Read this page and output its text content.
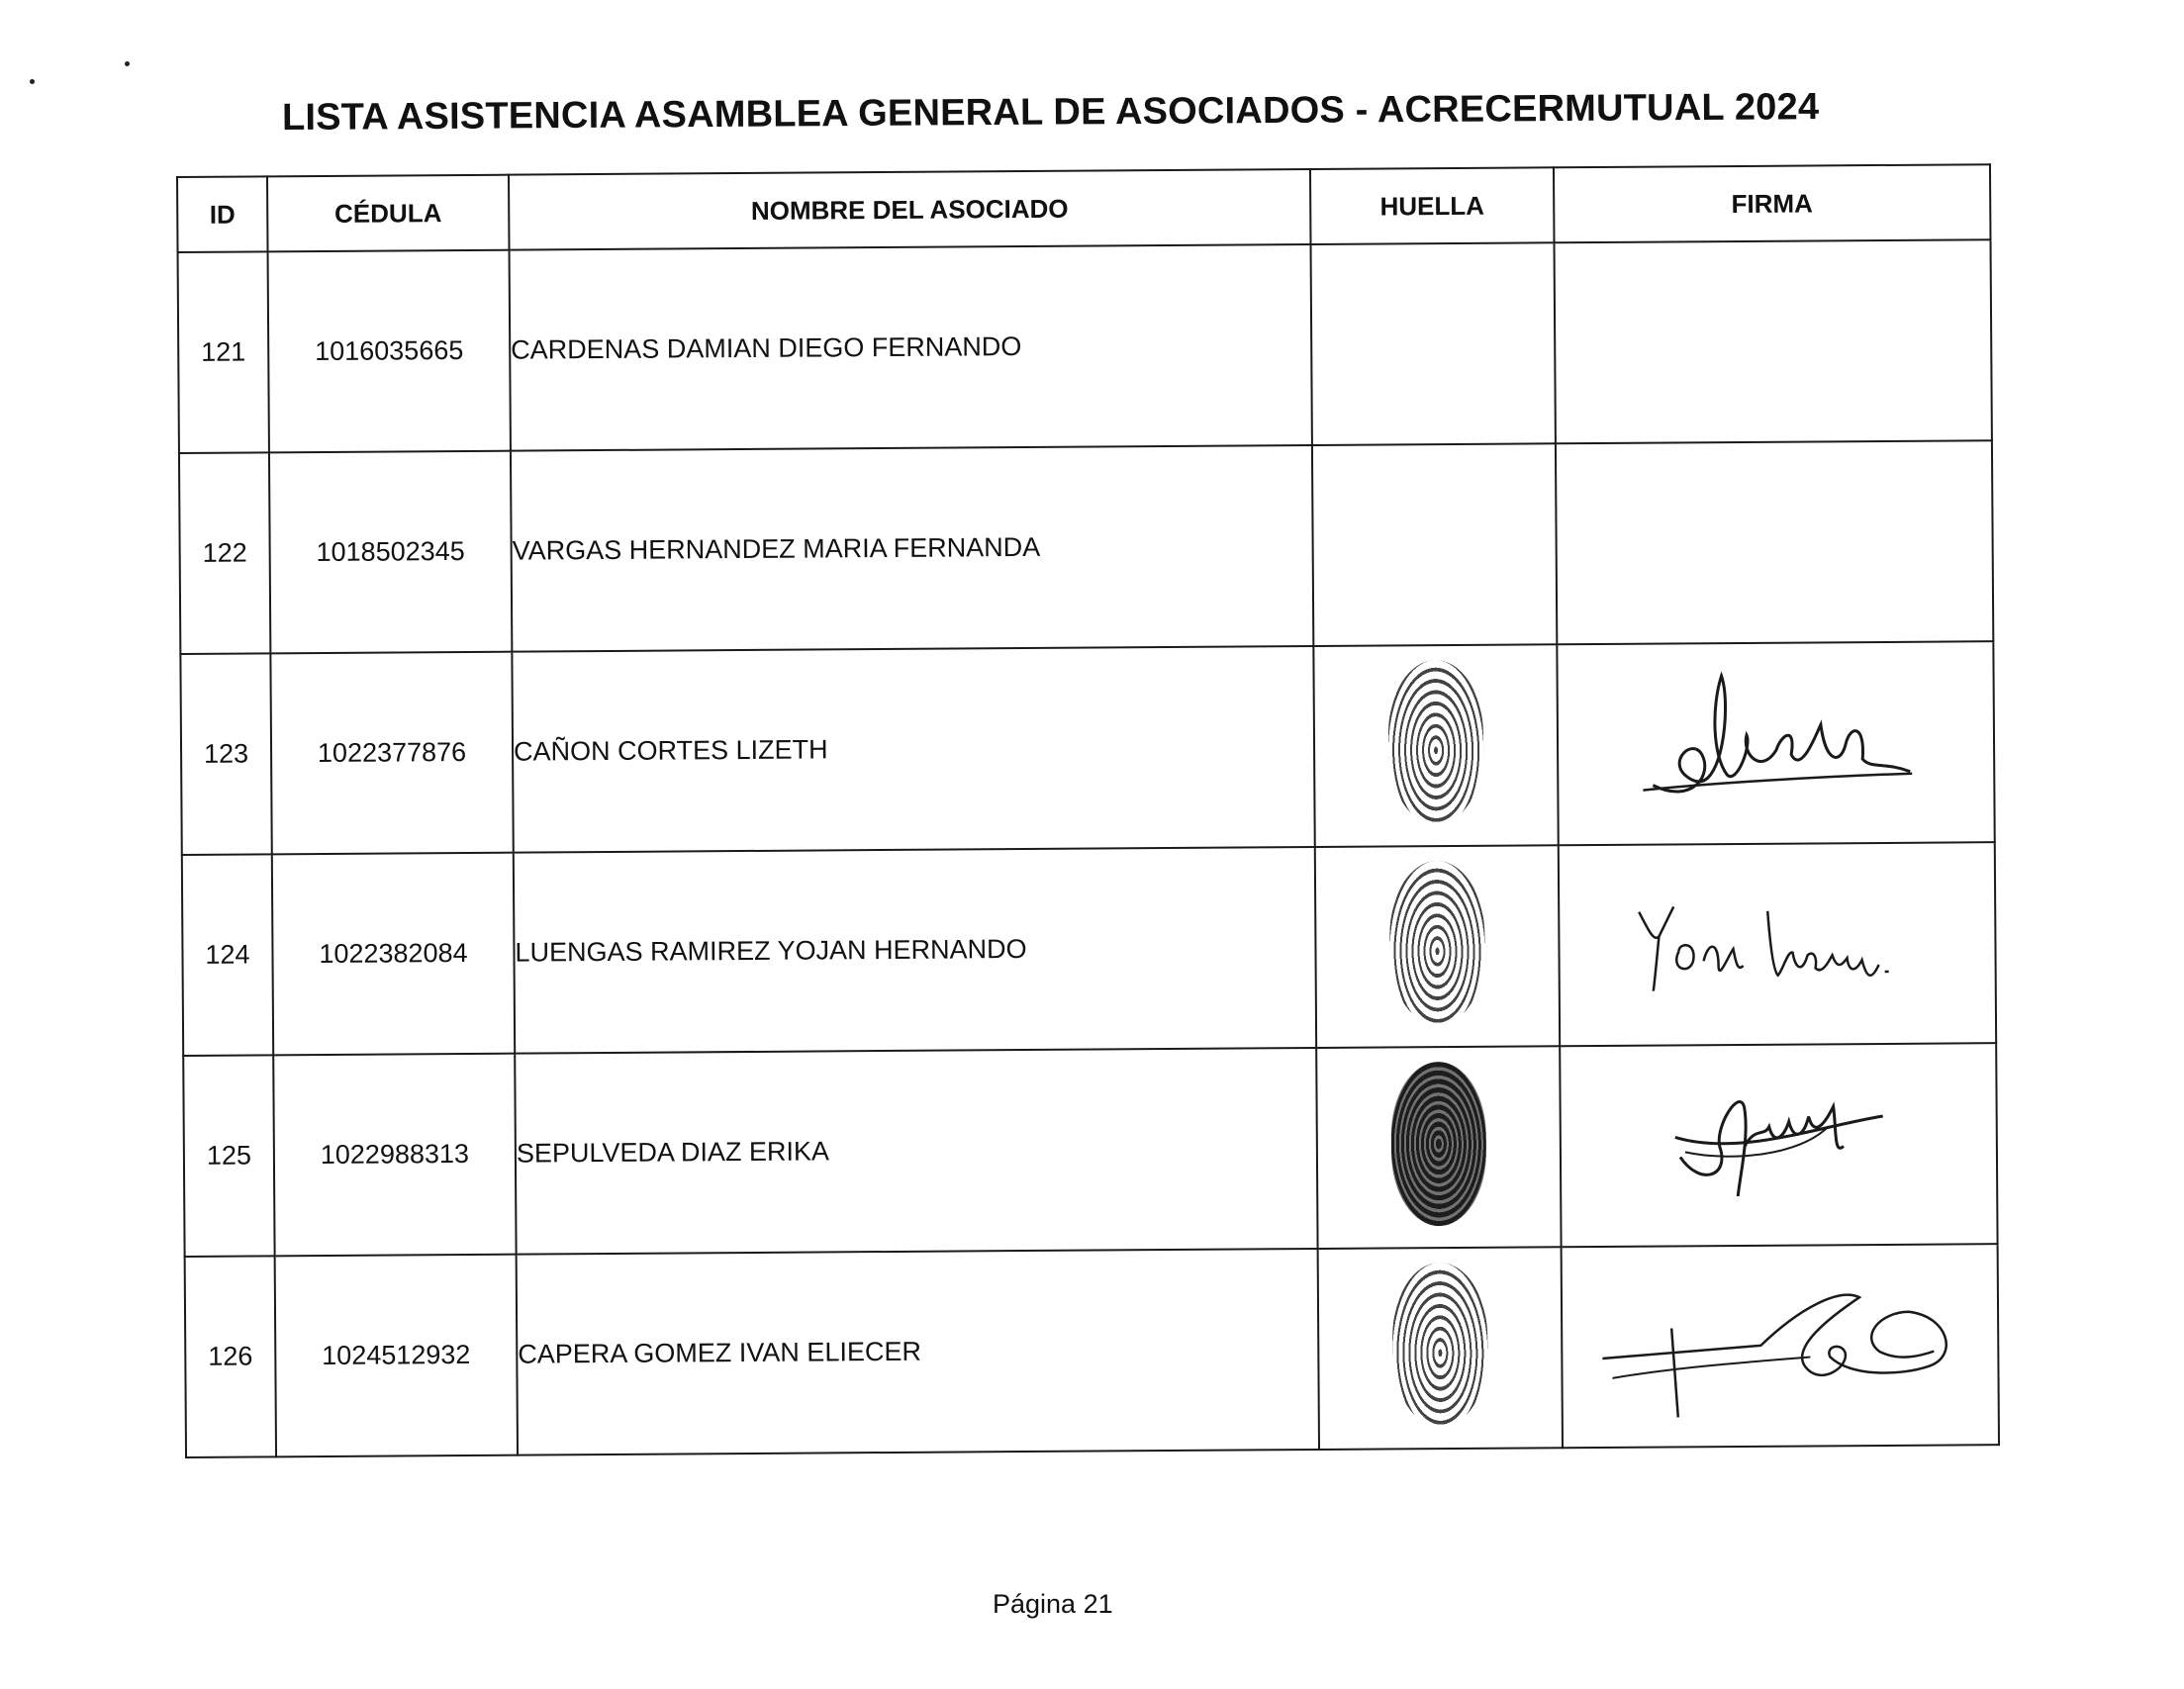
LISTA ASISTENCIA ASAMBLEA GENERAL DE ASOCIADOS - ACRECERMUTUAL 2024
ID	CÉDULA	NOMBRE DEL ASOCIADO	HUELLA	FIRMA
121	1016035665	CARDENAS DAMIAN DIEGO FERNANDO		
122	1018502345	VARGAS HERNANDEZ MARIA FERNANDA		
123	1022377876	CAÑON CORTES LIZETH		

124	1022382084	LUENGAS RAMIREZ YOJAN HERNANDO		

125	1022988313	SEPULVEDA DIAZ ERIKA		

126	1024512932	CAPERA GOMEZ IVAN ELIECER		
Página 21
